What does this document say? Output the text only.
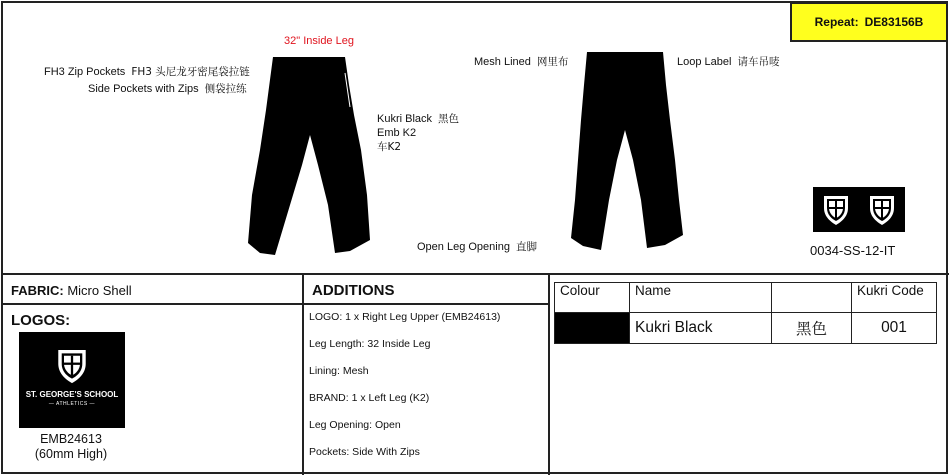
Repeat: DE83156B
32" Inside Leg
FH3 Zip Pockets FH3 头尼龙牙密尾袋拉链
Side Pockets with Zips 侧袋拉练
Kukri Black 黑色
Emb K2
车K2
Mesh Lined 网里布	Loop Label 请车吊唛
Open Leg Opening 直脚	0034-SS-12-IT
FABRIC: Micro Shell
LOGOS:
ST. GEORGE'S SCHOOL
— ATHLETICS —
EMB24613
(60mm High)
ADDITIONS
LOGO: 1 x Right Leg Upper (EMB24613)
Leg Length: 32 Inside Leg
Lining: Mesh
BRAND: 1 x Left Leg (K2)
Leg Opening: Open
Pockets: Side With Zips
Colour	Name		Kukri Code
	Kukri Black	黑色	001
